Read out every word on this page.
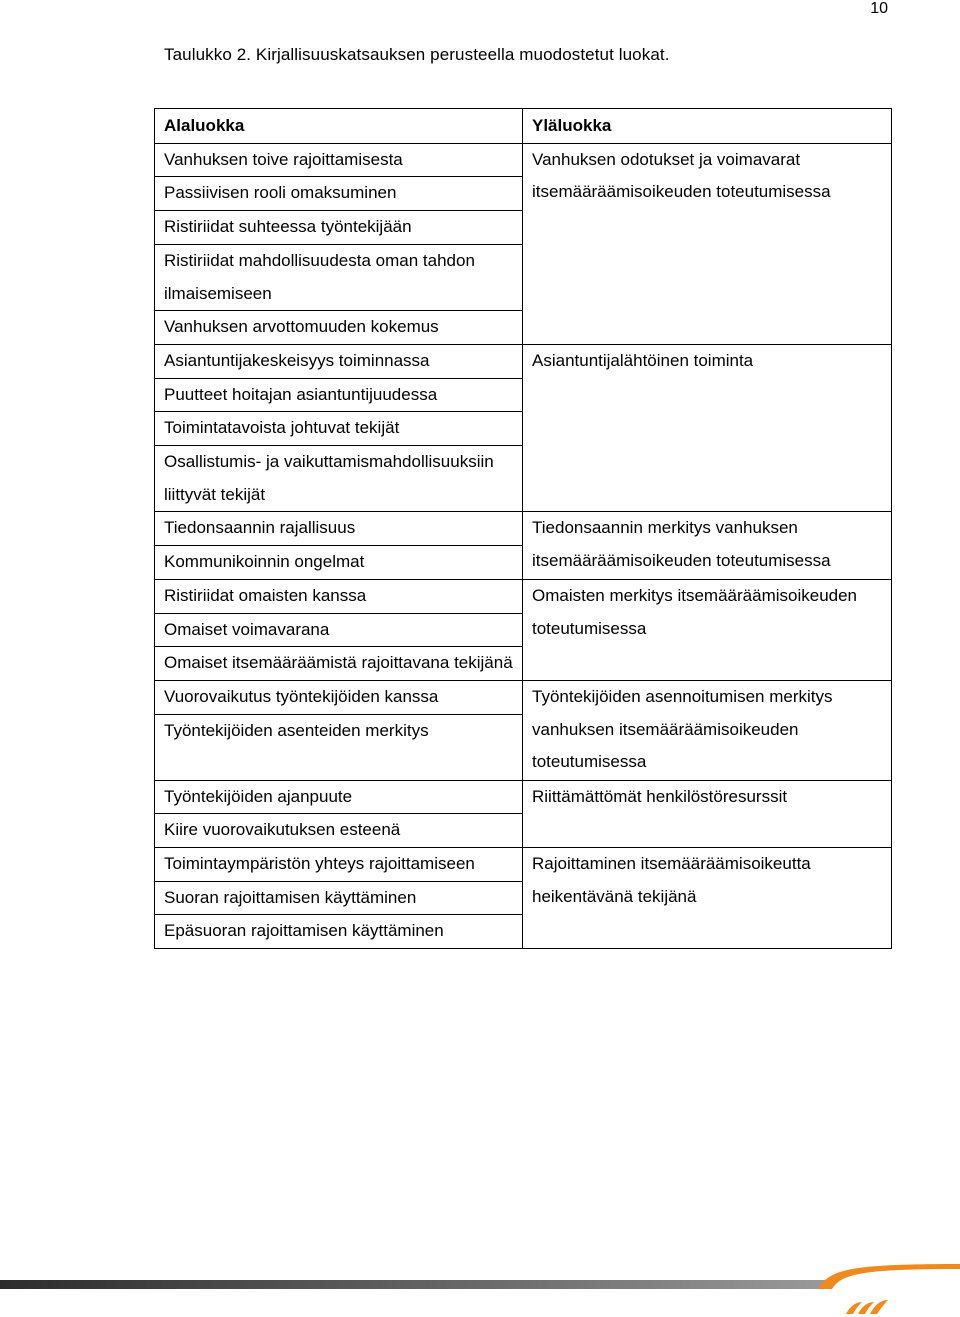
10
Taulukko 2. Kirjallisuuskatsauksen perusteella muodostetut luokat.
Alaluokka	Yläluokka
Vanhuksen toive rajoittamisesta	Vanhuksen odotukset ja voimavarat itsemääräämisoikeuden toteutumisessa
Passiivisen rooli omaksuminen	
Ristiriidat suhteessa työntekijään	
Ristiriidat mahdollisuudesta oman tahdon ilmaisemiseen	
Vanhuksen arvottomuuden kokemus	
Asiantuntijakeskeisyys toiminnassa	Asiantuntijalähtöinen toiminta
Puutteet hoitajan asiantuntijuudessa	
Toimintatavoista johtuvat tekijät	
Osallistumis- ja vaikuttamismahdollisuuksiin liittyvät tekijät	
Tiedonsaannin rajallisuus	Tiedonsaannin merkitys vanhuksen itsemääräämisoikeuden toteutumisessa
Kommunikoinnin ongelmat	
Ristiriidat omaisten kanssa	Omaisten merkitys itsemääräämisoikeuden toteutumisessa
Omaiset voimavarana	
Omaiset itsemääräämistä rajoittavana tekijänä	
Vuorovaikutus työntekijöiden kanssa	Työntekijöiden asennoitumisen merkitys vanhuksen itsemääräämisoikeuden toteutumisessa
Työntekijöiden asenteiden merkitys	
Työntekijöiden ajanpuute	Riittämättömät henkilöstöresurssit
Kiire vuorovaikutuksen esteenä	
Toimintaympäristön yhteys rajoittamiseen	Rajoittaminen itsemääräämisoikeutta heikentävänä tekijänä
Suoran rajoittamisen käyttäminen	
Epäsuoran rajoittamisen käyttäminen	
